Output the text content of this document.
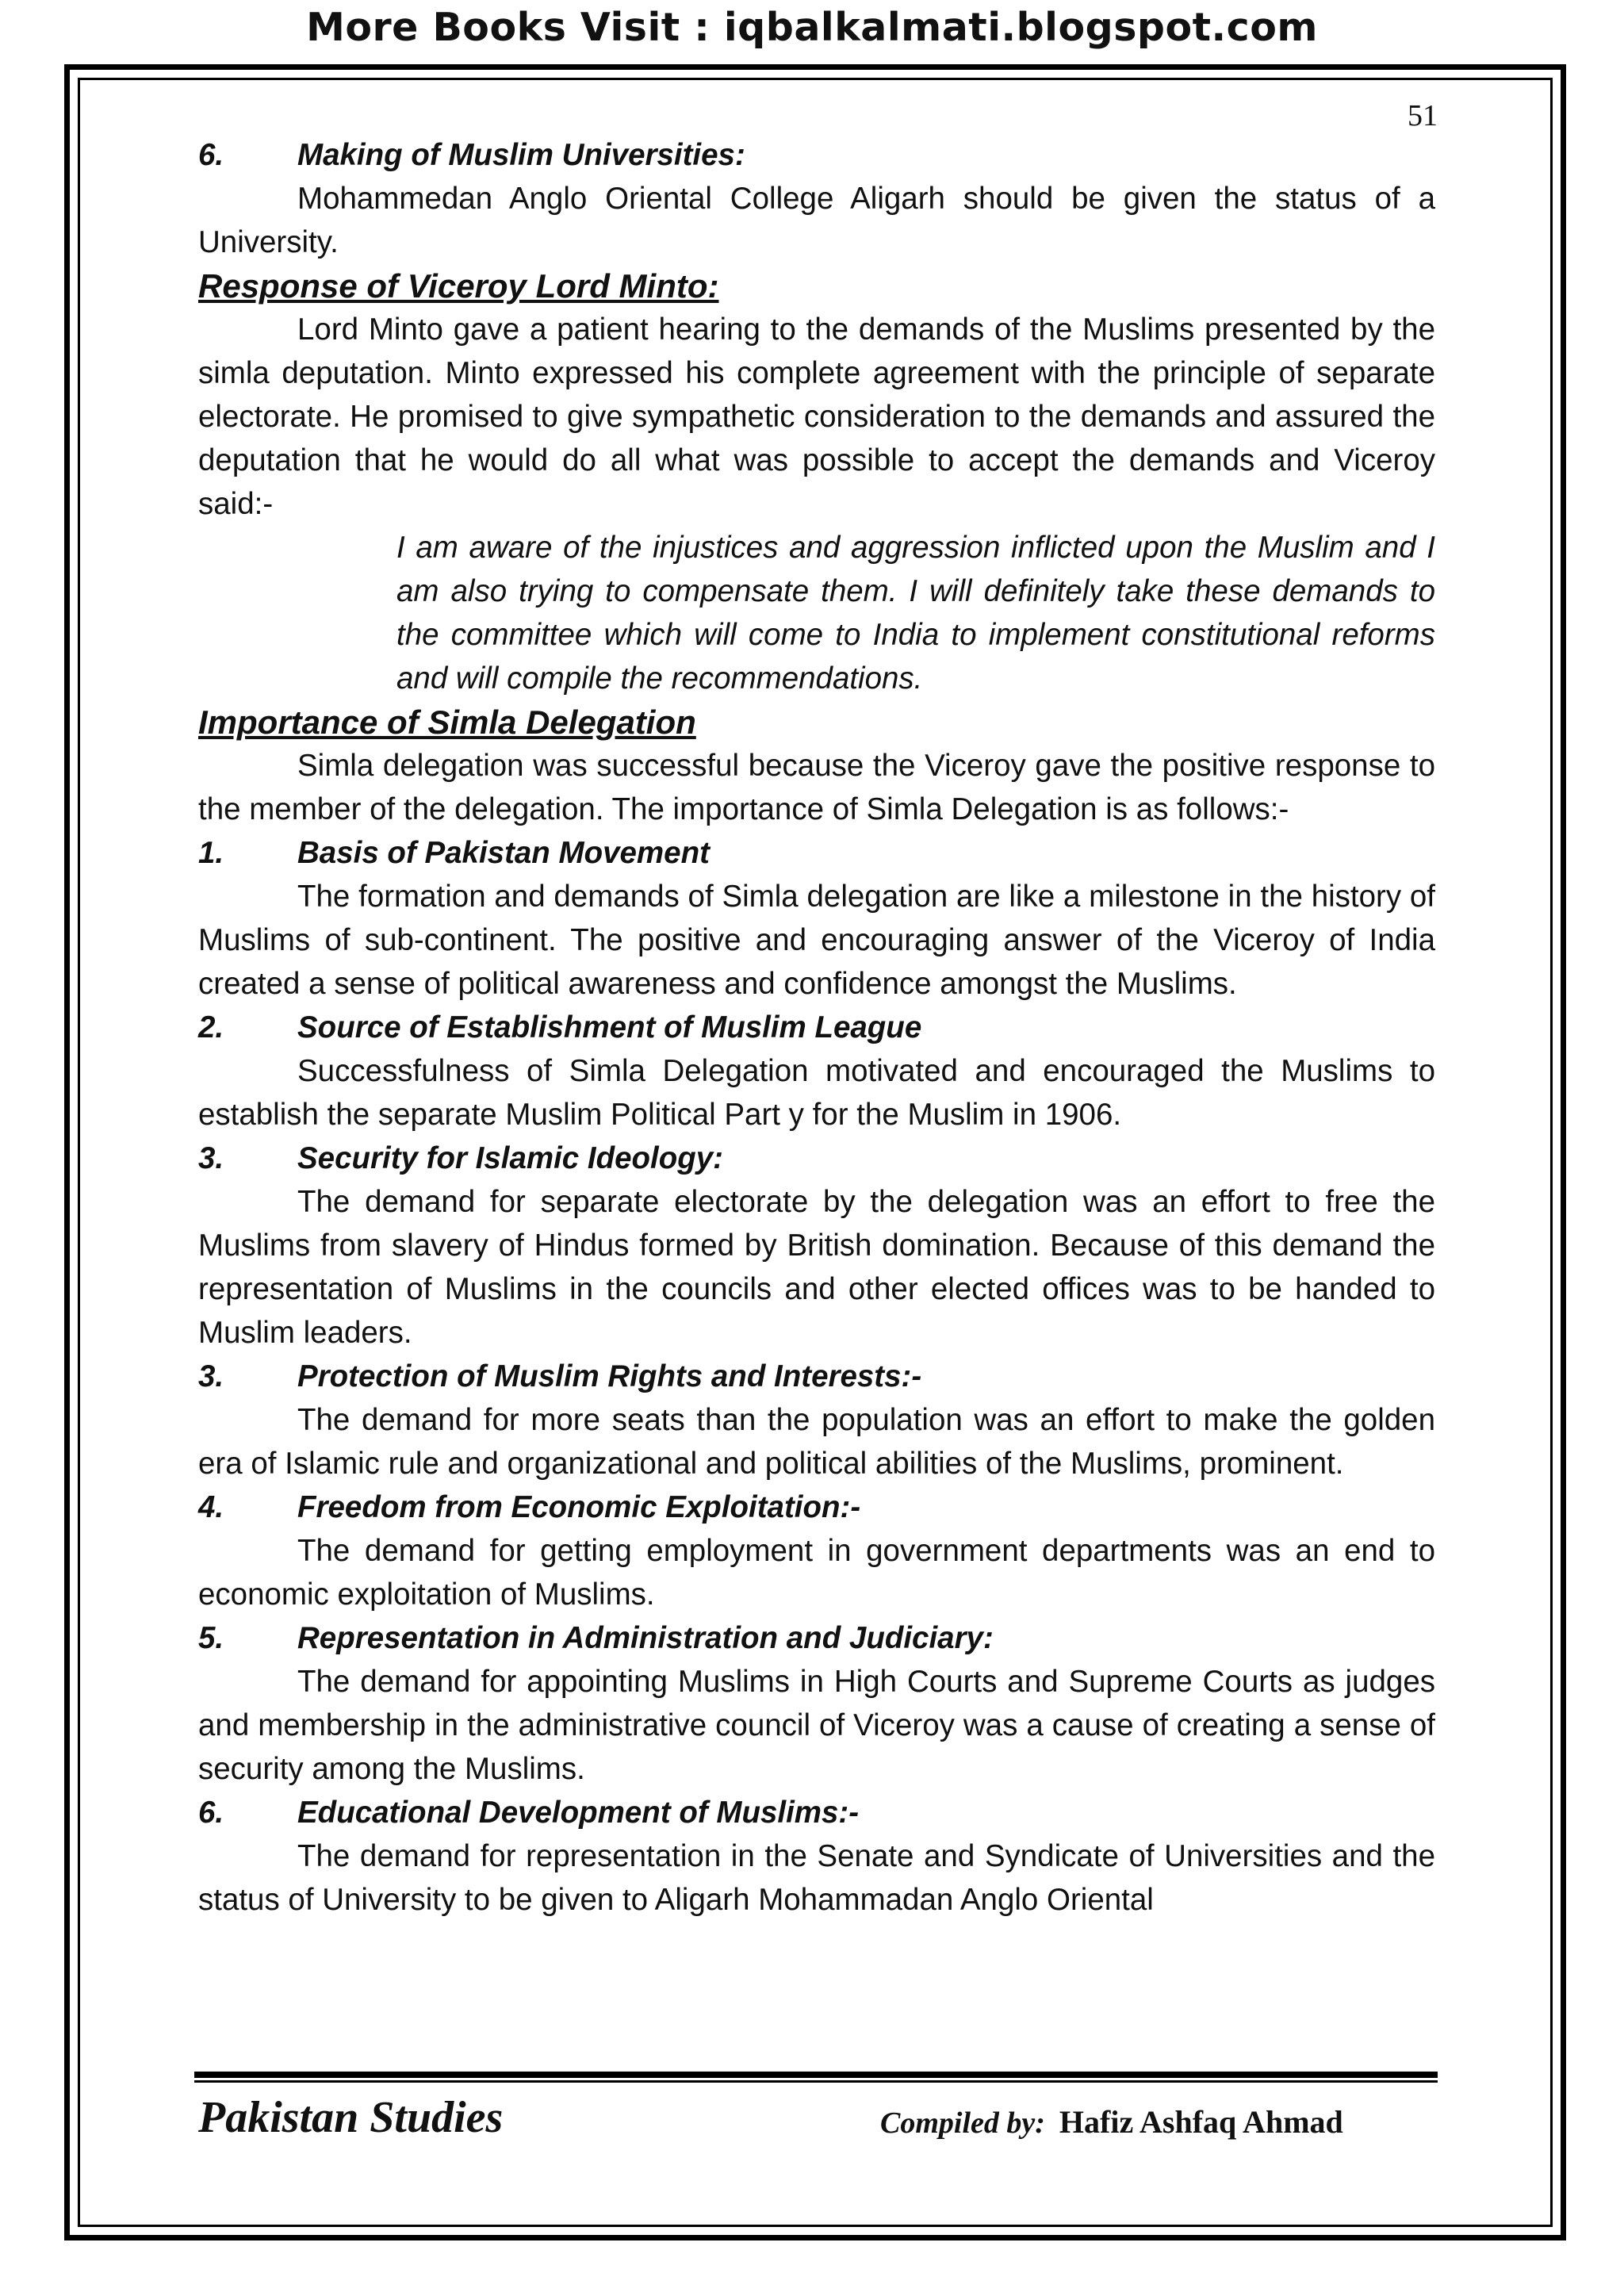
More Books Visit : iqbalkalmati.blogspot.com
51

6.	Making of Muslim Universities:

Mohammedan Anglo Oriental College Aligarh should be given the status of a University.

Response of Viceroy Lord Minto:

Lord Minto gave a patient hearing to the demands of the Muslims presented by the simla deputation. Minto expressed his complete agreement with the principle of separate electorate. He promised to give sympathetic consideration to the demands and assured the deputation that he would do all what was possible to accept the demands and Viceroy said:-

I am aware of the injustices and aggression inflicted upon the Muslim and I am also trying to compensate them. I will definitely take these demands to the committee which will come to India to implement constitutional reforms and will compile the recommendations.

Importance of Simla Delegation

Simla delegation was successful because the Viceroy gave the positive response to the member of the delegation. The importance of Simla Delegation is as follows:-

1.	Basis of Pakistan Movement

The formation and demands of Simla delegation are like a milestone in the history of Muslims of sub-continent. The positive and encouraging answer of the Viceroy of India created a sense of political awareness and confidence amongst the Muslims.

2.	Source of Establishment of Muslim League

Successfulness of Simla Delegation motivated and encouraged the Muslims to establish the separate Muslim Political Part y for the Muslim in 1906.

3.	Security for Islamic Ideology:

The demand for separate electorate by the delegation was an effort to free the Muslims from slavery of Hindus formed by British domination. Because of this demand the representation of Muslims in the councils and other elected offices was to be handed to Muslim leaders.

3.	Protection of Muslim Rights and Interests:-

The demand for more seats than the population was an effort to make the golden era of Islamic rule and organizational and political abilities of the Muslims, prominent.

4.	Freedom from Economic Exploitation:-

The demand for getting employment in government departments was an end to economic exploitation of Muslims.

5.	Representation in Administration and Judiciary:

The demand for appointing Muslims in High Courts and Supreme Courts as judges and membership in the administrative council of Viceroy was a cause of creating a sense of security among the Muslims.

6.	Educational Development of Muslims:-

The demand for representation in the Senate and Syndicate of Universities and the status of University to be given to Aligarh Mohammadan Anglo Oriental

Pakistan Studies	Compiled by: Hafiz Ashfaq Ahmad
